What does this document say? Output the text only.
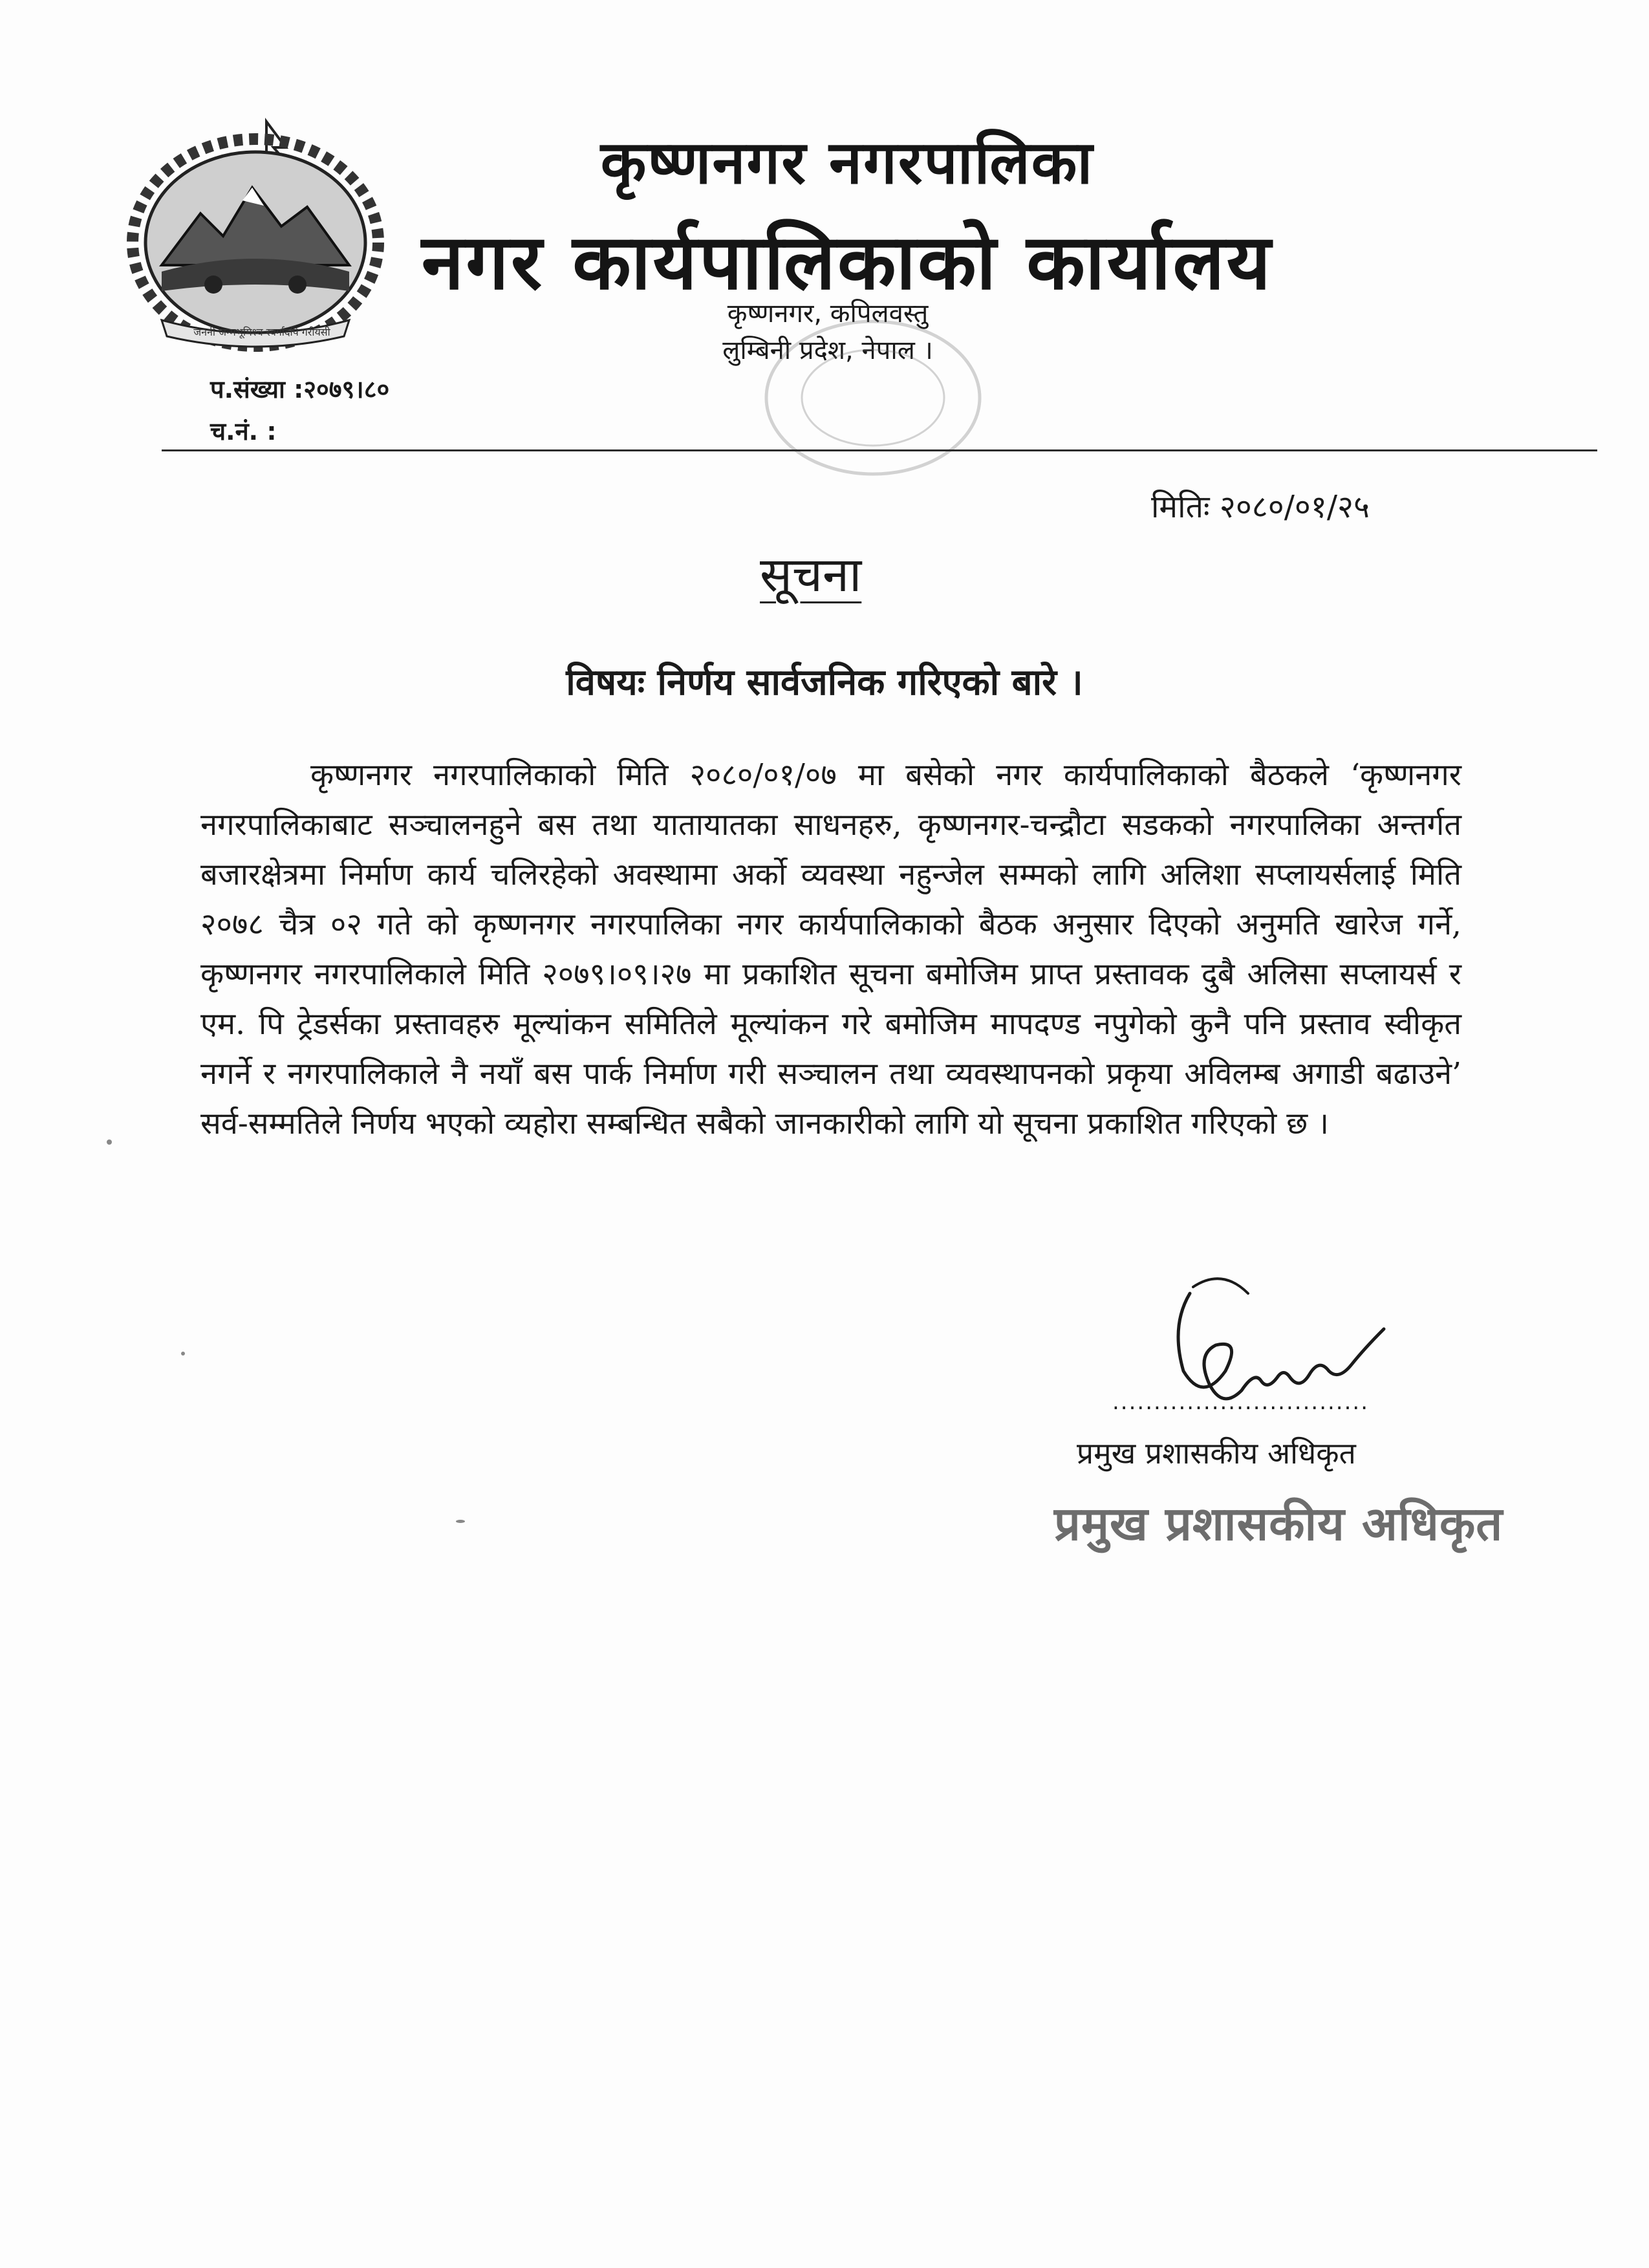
जननी जन्मभूमिश्च स्वर्गादपि गरीयसी
कृष्णनगर नगरपालिका
नगर कार्यपालिकाको कार्यालय
कृष्णनगर, कपिलवस्तु
लुम्बिनी प्रदेश, नेपाल ।
प.संख्या :२०७९।८०
च.नं. :
मितिः २०८०/०१/२५
सूचना
विषयः निर्णय सार्वजनिक गरिएको बारे ।
कृष्णनगर नगरपालिकाको मिति २०८०/०१/०७ मा बसेको नगर कार्यपालिकाको बैठकले ‘कृष्णनगर नगरपालिकाबाट सञ्चालनहुने बस तथा यातायातका साधनहरु, कृष्णनगर-चन्द्रौटा सडकको नगरपालिका अन्तर्गत बजारक्षेत्रमा निर्माण कार्य चलिरहेको अवस्थामा अर्को व्यवस्था नहुन्जेल सम्मको लागि अलिशा सप्लायर्सलाई मिति २०७८ चैत्र ०२ गते को कृष्णनगर नगरपालिका नगर कार्यपालिकाको बैठक अनुसार दिएको अनुमति खारेज गर्ने, कृष्णनगर नगरपालिकाले मिति २०७९।०९।२७ मा प्रकाशित सूचना बमोजिम प्राप्त प्रस्तावक दुबै अलिसा सप्लायर्स र एम. पि ट्रेडर्सका प्रस्तावहरु मूल्यांकन समितिले मूल्यांकन गरे बमोजिम मापदण्ड नपुगेको कुनै पनि प्रस्ताव स्वीकृत नगर्ने र नगरपालिकाले नै नयाँ बस पार्क निर्माण गरी सञ्चालन तथा व्यवस्थापनको प्रकृया अविलम्ब अगाडी बढाउने’ सर्व-सम्मतिले निर्णय भएको व्यहोरा सम्बन्धित सबैको जानकारीको लागि यो सूचना प्रकाशित गरिएको छ ।
...............................
प्रमुख प्रशासकीय अधिकृत
प्रमुख प्रशासकीय अधिकृत
